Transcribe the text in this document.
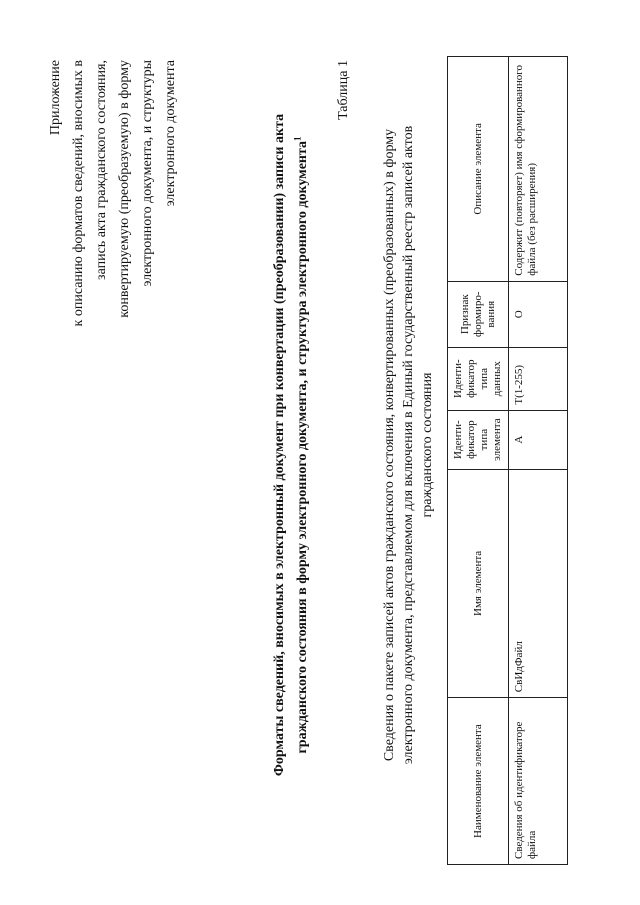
Приложение к описанию форматов сведений, вносимых в запись акта гражданского состояния, конвертируемую (преобразуемую) в форму электронного документа, и структуры электронного документа	Форматы сведений, вносимых в электронный документ при конвертации (преобразовании) записи акта гражданского состояния в форму электронного документа, и структура электронного документа$^1$
Таблица 1
Сведения о пакете записей актов гражданского состояния, конвертированных (преобразованных) в форму электронного документа, представляемом для включения в Единый государственный реестр записей актов гражданского состояния
Наименование элемента	Имя элемента	Иденти-фикатор типа элемента	Иденти-фикатор типа данных	Признак формиро-вания	Описание элемента
Сведения об идентификаторе файла	СвИдФайл	А	T(1-255)	О	Содержит (повторяет) имя сформированного файла (без расширения)
